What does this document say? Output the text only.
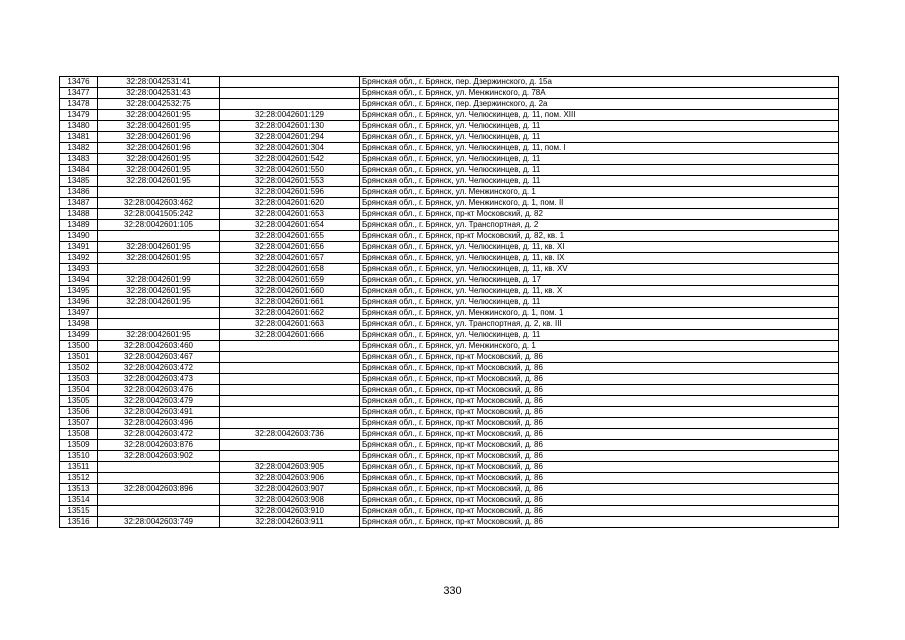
13476	32:28:0042531:41		Брянская обл., г. Брянск, пер. Дзержинского, д. 15а
13477	32:28:0042531:43		Брянская обл., г. Брянск, ул. Менжинского, д. 78А
13478	32:28:0042532:75		Брянская обл., г. Брянск, пер. Дзержинского, д. 2а
13479	32:28:0042601:95	32:28:0042601:129	Брянская обл., г. Брянск, ул. Челюскинцев, д. 11, пом. XIII
13480	32:28:0042601:95	32:28:0042601:130	Брянская обл., г. Брянск, ул. Челюскинцев, д. 11
13481	32:28:0042601:96	32:28:0042601:294	Брянская обл., г. Брянск, ул. Челюскинцев, д. 11
13482	32:28:0042601:96	32:28:0042601:304	Брянская обл., г. Брянск, ул. Челюскинцев, д. 11, пом. I
13483	32:28:0042601:95	32:28:0042601:542	Брянская обл., г. Брянск, ул. Челюскинцев, д. 11
13484	32:28:0042601:95	32:28:0042601:550	Брянская обл., г. Брянск, ул. Челюскинцев, д. 11
13485	32:28:0042601:95	32:28:0042601:553	Брянская обл., г. Брянск, ул. Челюскинцев, д. 11
13486		32:28:0042601:596	Брянская обл., г. Брянск, ул. Менжинского, д. 1
13487	32:28:0042603:462	32:28:0042601:620	Брянская обл., г. Брянск, ул. Менжинского, д. 1, пом. II
13488	32:28:0041505:242	32:28:0042601:653	Брянская обл., г. Брянск, пр-кт Московский, д. 82
13489	32:28:0042601:105	32:28:0042601:654	Брянская обл., г. Брянск, ул. Транспортная, д. 2
13490		32:28:0042601:655	Брянская обл., г. Брянск, пр-кт Московский, д. 82, кв. 1
13491	32:28:0042601:95	32:28:0042601:656	Брянская обл., г. Брянск, ул. Челюскинцев, д. 11, кв. XI
13492	32:28:0042601:95	32:28:0042601:657	Брянская обл., г. Брянск, ул. Челюскинцев, д. 11, кв. IX
13493		32:28:0042601:658	Брянская обл., г. Брянск, ул. Челюскинцев, д. 11, кв. XV
13494	32:28:0042601:99	32:28:0042601:659	Брянская обл., г. Брянск, ул. Челюскинцев, д. 17
13495	32:28:0042601:95	32:28:0042601:660	Брянская обл., г. Брянск, ул. Челюскинцев, д. 11, кв. X
13496	32:28:0042601:95	32:28:0042601:661	Брянская обл., г. Брянск, ул. Челюскинцев, д. 11
13497		32:28:0042601:662	Брянская обл., г. Брянск, ул. Менжинского, д. 1, пом. 1
13498		32:28:0042601:663	Брянская обл., г. Брянск, ул. Транспортная, д. 2, кв. III
13499	32:28:0042601:95	32:28:0042601:666	Брянская обл., г. Брянск, ул. Челюскинцев, д. 11
13500	32:28:0042603:460		Брянская обл., г. Брянск, ул. Менжинского, д. 1
13501	32:28:0042603:467		Брянская обл., г. Брянск, пр-кт Московский, д. 86
13502	32:28:0042603:472		Брянская обл., г. Брянск, пр-кт Московский, д. 86
13503	32:28:0042603:473		Брянская обл., г. Брянск, пр-кт Московский, д. 86
13504	32:28:0042603:476		Брянская обл., г. Брянск, пр-кт Московский, д. 86
13505	32:28:0042603:479		Брянская обл., г. Брянск, пр-кт Московский, д. 86
13506	32:28:0042603:491		Брянская обл., г. Брянск, пр-кт Московский, д. 86
13507	32:28:0042603:496		Брянская обл., г. Брянск, пр-кт Московский, д. 86
13508	32:28:0042603:472	32:28:0042603:736	Брянская обл., г. Брянск, пр-кт Московский, д. 86
13509	32:28:0042603:876		Брянская обл., г. Брянск, пр-кт Московский, д. 86
13510	32:28:0042603:902		Брянская обл., г. Брянск, пр-кт Московский, д. 86
13511		32:28:0042603:905	Брянская обл., г. Брянск, пр-кт Московский, д. 86
13512		32:28:0042603:906	Брянская обл., г. Брянск, пр-кт Московский, д. 86
13513	32:28:0042603:896	32:28:0042603:907	Брянская обл., г. Брянск, пр-кт Московский, д. 86
13514		32:28:0042603:908	Брянская обл., г. Брянск, пр-кт Московский, д. 86
13515		32:28:0042603:910	Брянская обл., г. Брянск, пр-кт Московский, д. 86
13516	32:28:0042603:749	32:28:0042603:911	Брянская обл., г. Брянск, пр-кт Московский, д. 86
330
